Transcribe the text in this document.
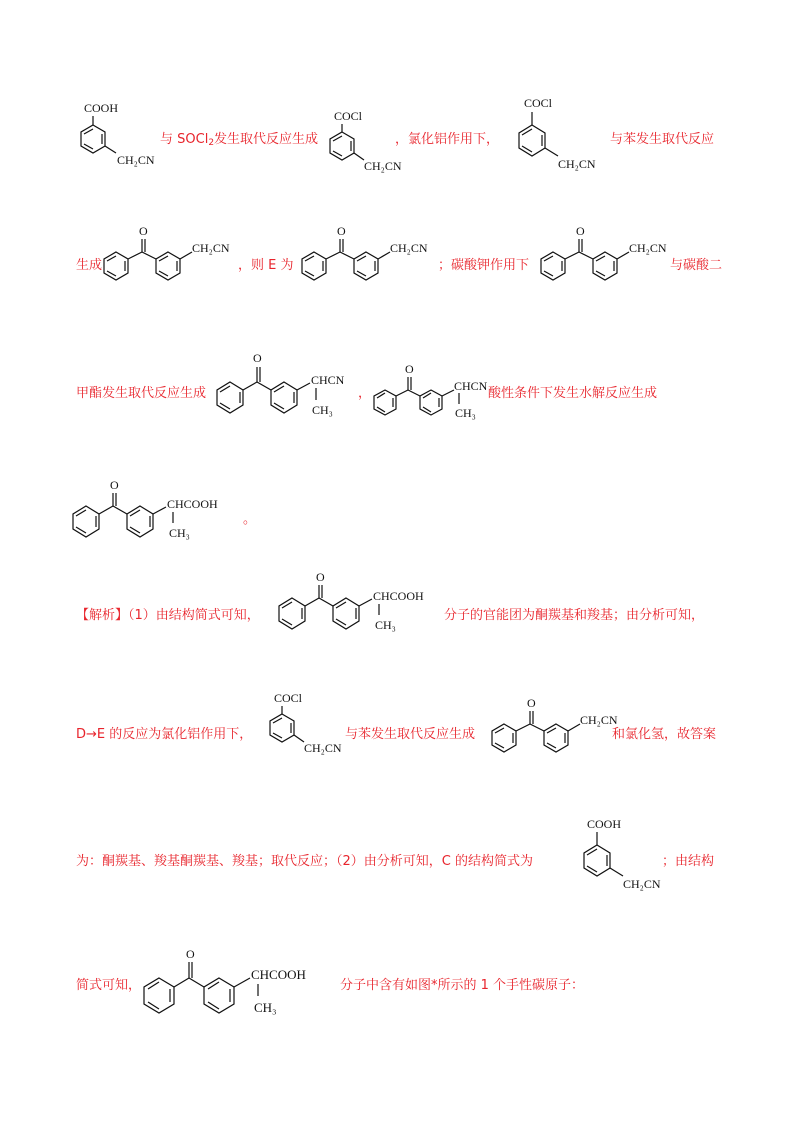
COOH
CH₂CN
与 SOCl$_2$发生取代反应生成
COCl
CH₂CN
，氯化铝作用下，
COCl
CH₂CN
与苯发生取代反应
生成
O
CH₂CN
，则 E 为
O
CH₂CN
；碳酸钾作用下
O
CH₂CN
与碳酸二
甲酯发生取代反应生成
O
CHCN
CH₃
，
O
CHCN
CH₃
酸性条件下发生水解反应生成
O
CHCOOH
CH₃
。
【解析】（1）由结构简式可知，
O
CHCOOH
CH₃
分子的官能团为酮羰基和羧基；由分析可知，
D→E 的反应为氯化铝作用下，
COCl
CH₂CN
与苯发生取代反应生成
O
CH₂CN
和氯化氢，故答案
为：酮羰基、羧基酮羰基、羧基；取代反应；（2）由分析可知，C 的结构简式为
COOH
CH₂CN
；由结构
简式可知，
O
CHCOOH
CH₃
分子中含有如图*所示的 1 个手性碳原子：
